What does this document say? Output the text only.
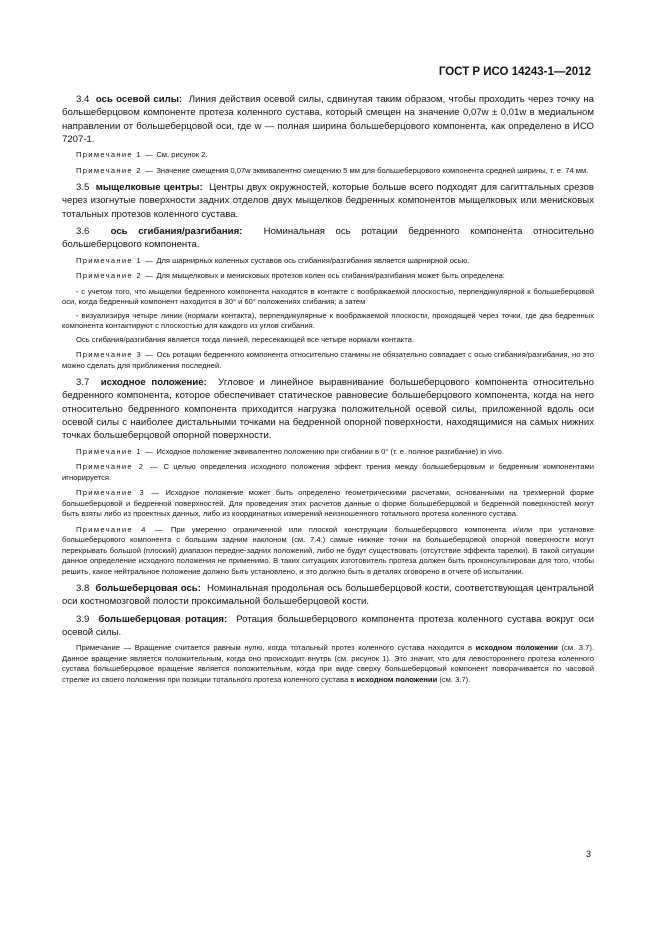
ГОСТ Р ИСО 14243-1—2012

3.4 ось осевой силы: Линия действия осевой силы, сдвинутая таким образом, чтобы проходить через точку на большеберцовом компоненте протеза коленного сустава, который смещен на значение 0,07w ± 0,01w в медиальном направлении от большеберцовой оси, где w — полная ширина большеберцового компонента, как определено в ИСО 7207-1.

Примечание 1 — См. рисунок 2.

Примечание 2 — Значение смещения 0,07w эквивалентно смещению 5 мм для большеберцового компонента средней ширины, т. е. 74 мм.

3.5 мыщелковые центры: Центры двух окружностей, которые больше всего подходят для сагиттальных срезов через изогнутые поверхности задних отделов двух мыщелков бедренных компонентов мыщелковых или менисковых тотальных протезов коленного сустава.

3.6 ось сгибания/разгибания: Номинальная ось ротации бедренного компонента относительно большеберцового компонента.

Примечание 1 — Для шарнирных коленных суставов ось сгибания/разгибания является шарнирной осью.

Примечание 2 — Для мыщелковых и менисковых протезов колен ось сгибания/разгибания может быть определена:

- с учетом того, что мыщелки бедренного компонента находятся в контакте с воображаемой плоскостью, перпендикулярной к большеберцовой оси, когда бедренный компонент находится в 30° и 60° положениях сгибания; а затем

- визуализируя четыре линии (нормали контакта), перпендикулярные к воображаемой плоскости, проходящей через точки, где два бедренных компонента контактируют с плоскостью для каждого из углов сгибания.

Ось сгибания/разгибания является тогда линией, пересекающей все четыре нормали контакта.

Примечание 3 — Ось ротации бедренного компонента относительно станины не обязательно совпадает с осью сгибания/разгибания, но это можно сделать для приближения последней.

3.7 исходное положение: Угловое и линейное выравнивание большеберцового компонента относительно бедренного компонента, которое обеспечивает статическое равновесие большеберцового компонента, когда на него относительно бедренного компонента приходится нагрузка положительной осевой силы, приложенной вдоль оси осевой силы с наиболее дистальными точками на бедренной опорной поверхности, находящимися на самых нижних точках большеберцовой опорной поверхности.

Примечание 1 — Исходное положение эквивалентно положению при сгибании в 0° (т. е. полное разгибание) in vivo.

Примечание 2 — С целью определения исходного положения эффект трения между большеберцовым и бедренным компонентами игнорируется.

Примечание 3 — Исходное положение может быть определено геометрическими расчетами, основанными на трехмерной форме большеберцовой и бедренной поверхностей. Для проведения этих расчетов данные о форме большеберцовой и бедренной поверхностей могут быть взяты либо из проектных данных, либо из координатных измерений неизношенного тотального протеза коленного сустава.

Примечание 4 — При умеренно ограниченной или плоской конструкции большеберцового компонента и/или при установке большеберцового компонента с большим задним наклоном (см. 7.4.) самые нижние точки на большеберцовой опорной поверхности могут перекрывать большой (плоский) диапазон передне-задних положений, либо не будут существовать (отсутствие эффекта тарелки). В такой ситуации данное определение исходного положения не применимо. В таких ситуациях изготовитель протеза должен быть проконсультирован для того, чтобы решить, какое нейтральное положение должно быть установлено, и это должно быть в деталях оговорено в отчете об испытании.

3.8 большеберцовая ось: Номинальная продольная ось большеберцовой кости, соответствующая центральной оси костномозговой полости проксимальной большеберцовой кости.

3.9 большеберцовая ротация: Ротация большеберцового компонента протеза коленного сустава вокруг оси осевой силы.

Примечание — Вращение считается равным нулю, когда тотальный протез коленного сустава находится в исходном положении (см. 3.7). Данное вращение является положительным, когда оно происходит внутрь (см. рисунок 1). Это значит, что для левостороннего протеза коленного сустава большеберцовое вращение является положительным, когда при виде сверху большеберцовый компонент поворачивается по часовой стрелке из своего положения при позиции тотального протеза коленного сустава в исходном положении (см. 3.7).

3
